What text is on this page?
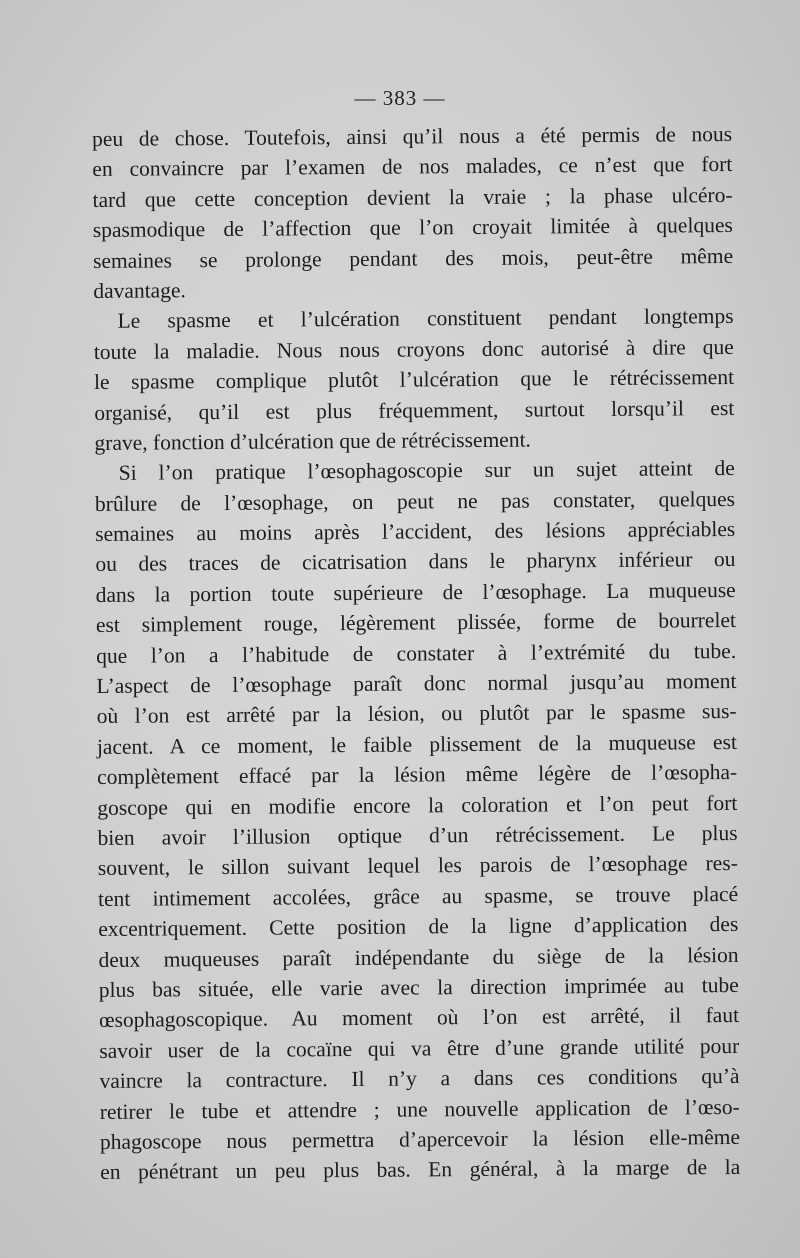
— 383 —
peu de chose. Toutefois, ainsi qu’il nous a été permis de nous
en convaincre par l’examen de nos malades, ce n’est que fort
tard que cette conception devient la vraie ; la phase ulcéro-
spasmodique de l’affection que l’on croyait limitée à quelques
semaines se prolonge pendant des mois, peut-être même
davantage.
Le spasme et l’ulcération constituent pendant longtemps
toute la maladie. Nous nous croyons donc autorisé à dire que
le spasme complique plutôt l’ulcération que le rétrécissement
organisé, qu’il est plus fréquemment, surtout lorsqu’il est
grave, fonction d’ulcération que de rétrécissement.
Si l’on pratique l’œsophagoscopie sur un sujet atteint de
brûlure de l’œsophage, on peut ne pas constater, quelques
semaines au moins après l’accident, des lésions appréciables
ou des traces de cicatrisation dans le pharynx inférieur ou
dans la portion toute supérieure de l’œsophage. La muqueuse
est simplement rouge, légèrement plissée, forme de bourrelet
que l’on a l’habitude de constater à l’extrémité du tube.
L’aspect de l’œsophage paraît donc normal jusqu’au moment
où l’on est arrêté par la lésion, ou plutôt par le spasme sus-
jacent. A ce moment, le faible plissement de la muqueuse est
complètement effacé par la lésion même légère de l’œsopha-
goscope qui en modifie encore la coloration et l’on peut fort
bien avoir l’illusion optique d’un rétrécissement. Le plus
souvent, le sillon suivant lequel les parois de l’œsophage res-
tent intimement accolées, grâce au spasme, se trouve placé
excentriquement. Cette position de la ligne d’application des
deux muqueuses paraît indépendante du siège de la lésion
plus bas située, elle varie avec la direction imprimée au tube
œsophagoscopique. Au moment où l’on est arrêté, il faut
savoir user de la cocaïne qui va être d’une grande utilité pour
vaincre la contracture. Il n’y a dans ces conditions qu’à
retirer le tube et attendre ; une nouvelle application de l’œso-
phagoscope nous permettra d’apercevoir la lésion elle-même
en pénétrant un peu plus bas. En général, à la marge de la
